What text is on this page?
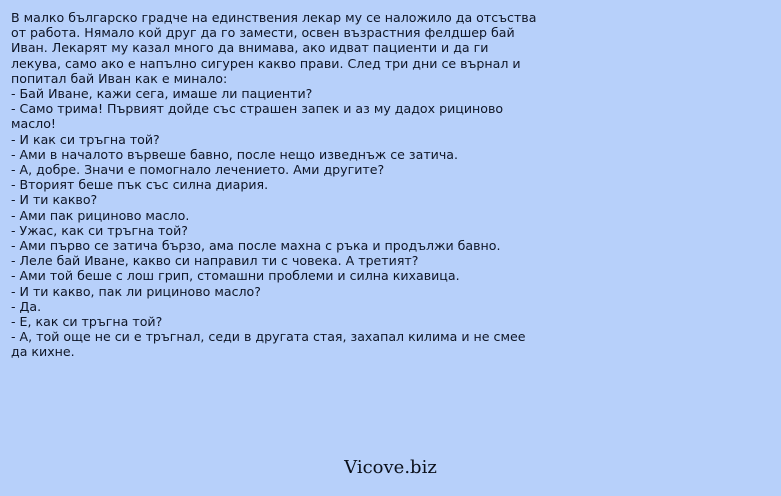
В малко българско градче на единствения лекар му се наложило да отсъства
от работа. Нямало кой друг да го замести, освен възрастния фелдшер бай
Иван. Лекарят му казал много да внимава, ако идват пациенти и да ги
лекува, само ако е напълно сигурен какво прави. След три дни се върнал и
попитал бай Иван как е минало:
- Бай Иване, кажи сега, имаше ли пациенти?
- Само трима! Първият дойде със страшен запек и аз му дадох рициново
масло!
- И как си тръгна той?
- Ами в началото вървеше бавно, после нещо изведнъж се затича.
- А, добре. Значи е помогнало лечението. Ами другите?
- Вторият беше пък със силна диария.
- И ти какво?
- Ами пак рициново масло.
- Ужас, как си тръгна той?
- Ами първо се затича бързо, ама после махна с ръка и продължи бавно.
- Леле бай Иване, какво си направил ти с човека. А третият?
- Ами той беше с лош грип, стомашни проблеми и силна кихавица.
- И ти какво, пак ли рициново масло?
- Да.
- Е, как си тръгна той?
- А, той още не си е тръгнал, седи в другата стая, захапал килима и не смее
да кихне.
Vicove.biz
